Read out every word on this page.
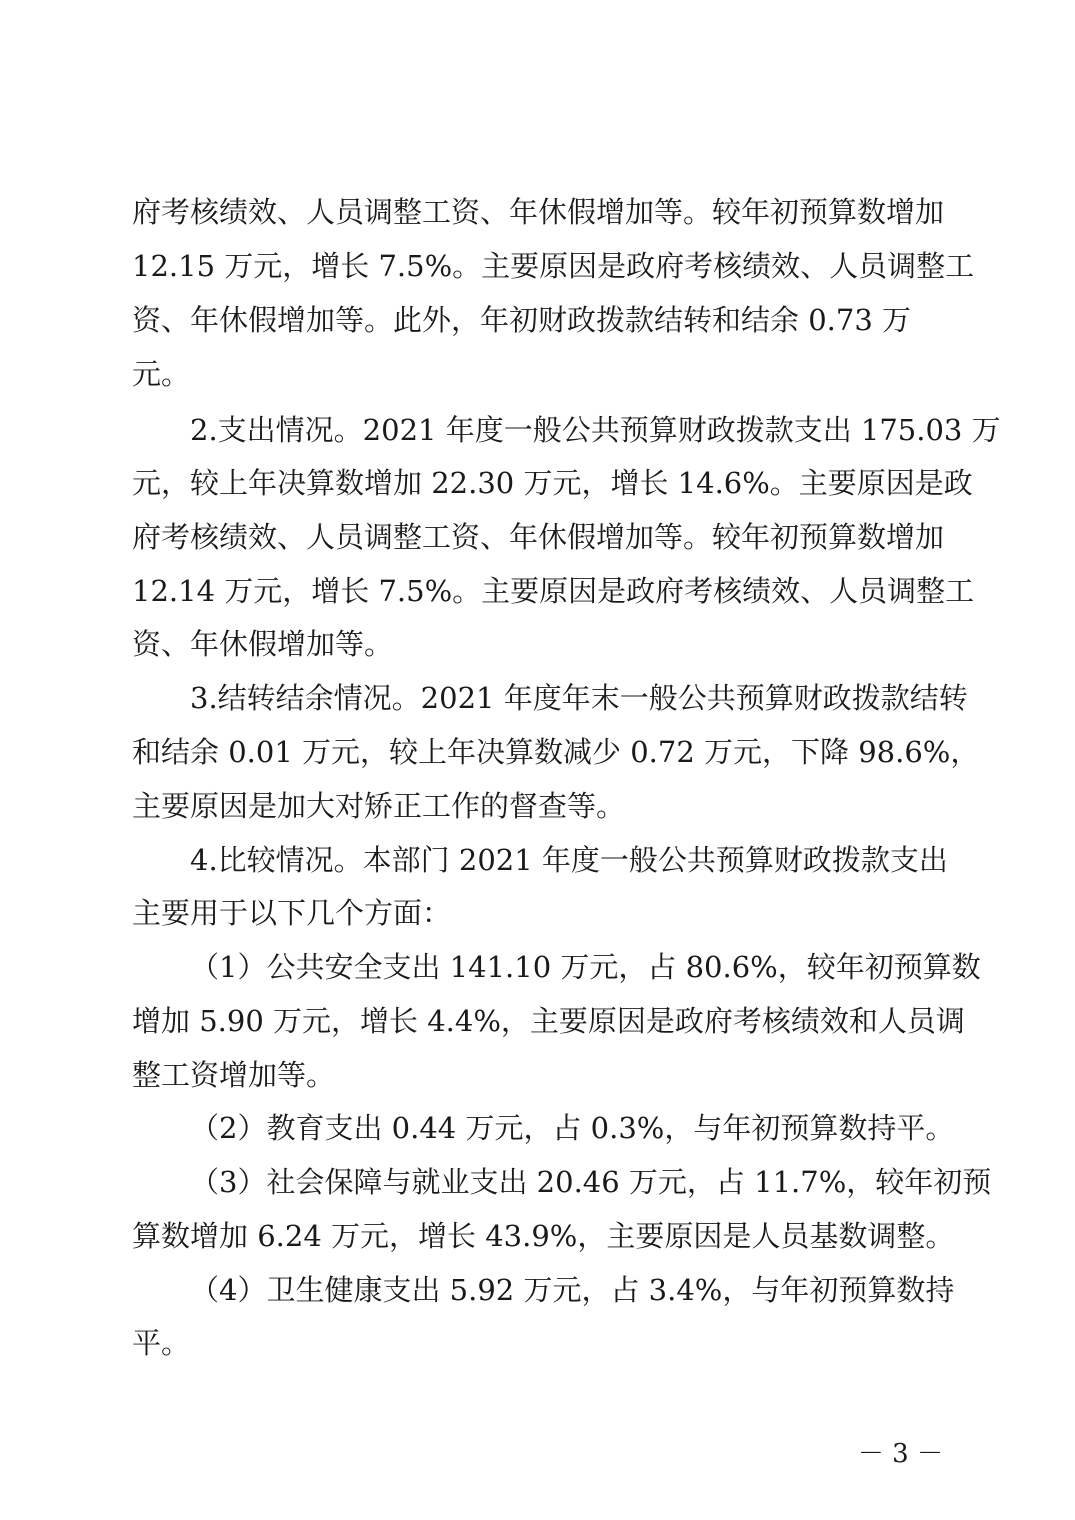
府考核绩效、人员调整工资、年休假增加等。较年初预算数增加
12.15 万元，增长 7.5%。主要原因是政府考核绩效、人员调整工
资、年休假增加等。此外，年初财政拨款结转和结余 0.73 万
元。
2.支出情况。2021 年度一般公共预算财政拨款支出 175.03 万
元，较上年决算数增加 22.30 万元，增长 14.6%。主要原因是政
府考核绩效、人员调整工资、年休假增加等。较年初预算数增加
12.14 万元，增长 7.5%。主要原因是政府考核绩效、人员调整工
资、年休假增加等。
3.结转结余情况。2021 年度年末一般公共预算财政拨款结转
和结余 0.01 万元，较上年决算数减少 0.72 万元，下降 98.6%，
主要原因是加大对矫正工作的督查等。
4.比较情况。本部门 2021 年度一般公共预算财政拨款支出
主要用于以下几个方面：
（1）公共安全支出 141.10 万元，占 80.6%，较年初预算数
增加 5.90 万元，增长 4.4%，主要原因是政府考核绩效和人员调
整工资增加等。
（2）教育支出 0.44 万元，占 0.3%，与年初预算数持平。
（3）社会保障与就业支出 20.46 万元，占 11.7%，较年初预
算数增加 6.24 万元，增长 43.9%，主要原因是人员基数调整。
（4）卫生健康支出 5.92 万元，占 3.4%，与年初预算数持
平。
－ 3 －
